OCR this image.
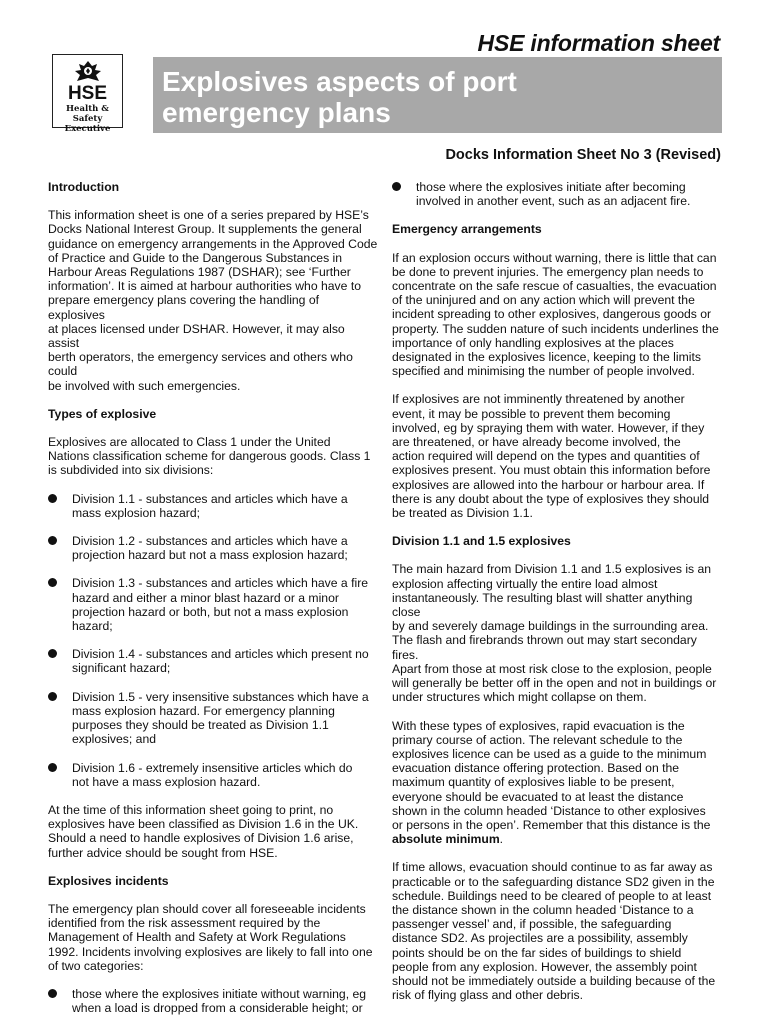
HSE information sheet
HSE
Health & Safety
Executive
Explosives aspects of port
emergency plans
Docks Information Sheet No 3 (Revised)
Introduction

This information sheet is one of a series prepared by HSE’s
Docks National Interest Group. It supplements the general
guidance on emergency arrangements in the Approved Code
of Practice and Guide to the Dangerous Substances in
Harbour Areas Regulations 1987 (DSHAR); see ‘Further
information’. It is aimed at harbour authorities who have to
prepare emergency plans covering the handling of explosives
at places licensed under DSHAR. However, it may also assist
berth operators, the emergency services and others who could
be involved with such emergencies.

Types of explosive

Explosives are allocated to Class 1 under the United
Nations classification scheme for dangerous goods. Class 1
is subdivided into six divisions:

Division 1.1 - substances and articles which have a
mass explosion hazard;
Division 1.2 - substances and articles which have a
projection hazard but not a mass explosion hazard;
Division 1.3 - substances and articles which have a fire
hazard and either a minor blast hazard or a minor
projection hazard or both, but not a mass explosion
hazard;
Division 1.4 - substances and articles which present no
significant hazard;
Division 1.5 - very insensitive substances which have a
mass explosion hazard. For emergency planning
purposes they should be treated as Division 1.1
explosives; and
Division 1.6 - extremely insensitive articles which do
not have a mass explosion hazard.

At the time of this information sheet going to print, no
explosives have been classified as Division 1.6 in the UK.
Should a need to handle explosives of Division 1.6 arise,
further advice should be sought from HSE.

Explosives incidents

The emergency plan should cover all foreseeable incidents
identified from the risk assessment required by the
Management of Health and Safety at Work Regulations
1992. Incidents involving explosives are likely to fall into one
of two categories:

those where the explosives initiate without warning, eg
when a load is dropped from a considerable height; or
those where the explosives initiate after becoming
involved in another event, such as an adjacent fire.
Emergency arrangements

If an explosion occurs without warning, there is little that can
be done to prevent injuries. The emergency plan needs to
concentrate on the safe rescue of casualties, the evacuation
of the uninjured and on any action which will prevent the
incident spreading to other explosives, dangerous goods or
property. The sudden nature of such incidents underlines the
importance of only handling explosives at the places
designated in the explosives licence, keeping to the limits
specified and minimising the number of people involved.

If explosives are not imminently threatened by another
event, it may be possible to prevent them becoming
involved, eg by spraying them with water. However, if they
are threatened, or have already become involved, the
action required will depend on the types and quantities of
explosives present. You must obtain this information before
explosives are allowed into the harbour or harbour area. If
there is any doubt about the type of explosives they should
be treated as Division 1.1.

Division 1.1 and 1.5 explosives

The main hazard from Division 1.1 and 1.5 explosives is an
explosion affecting virtually the entire load almost
instantaneously. The resulting blast will shatter anything close
by and severely damage buildings in the surrounding area.
The flash and firebrands thrown out may start secondary fires.
Apart from those at most risk close to the explosion, people
will generally be better off in the open and not in buildings or
under structures which might collapse on them.

With these types of explosives, rapid evacuation is the
primary course of action. The relevant schedule to the
explosives licence can be used as a guide to the minimum
evacuation distance offering protection. Based on the
maximum quantity of explosives liable to be present,
everyone should be evacuated to at least the distance
shown in the column headed ‘Distance to other explosives
or persons in the open’. Remember that this distance is the
absolute minimum.

If time allows, evacuation should continue to as far away as
practicable or to the safeguarding distance SD2 given in the
schedule. Buildings need to be cleared of people to at least
the distance shown in the column headed ‘Distance to a
passenger vessel’ and, if possible, the safeguarding
distance SD2. As projectiles are a possibility, assembly
points should be on the far sides of buildings to shield
people from any explosion. However, the assembly point
should not be immediately outside a building because of the
risk of flying glass and other debris.
